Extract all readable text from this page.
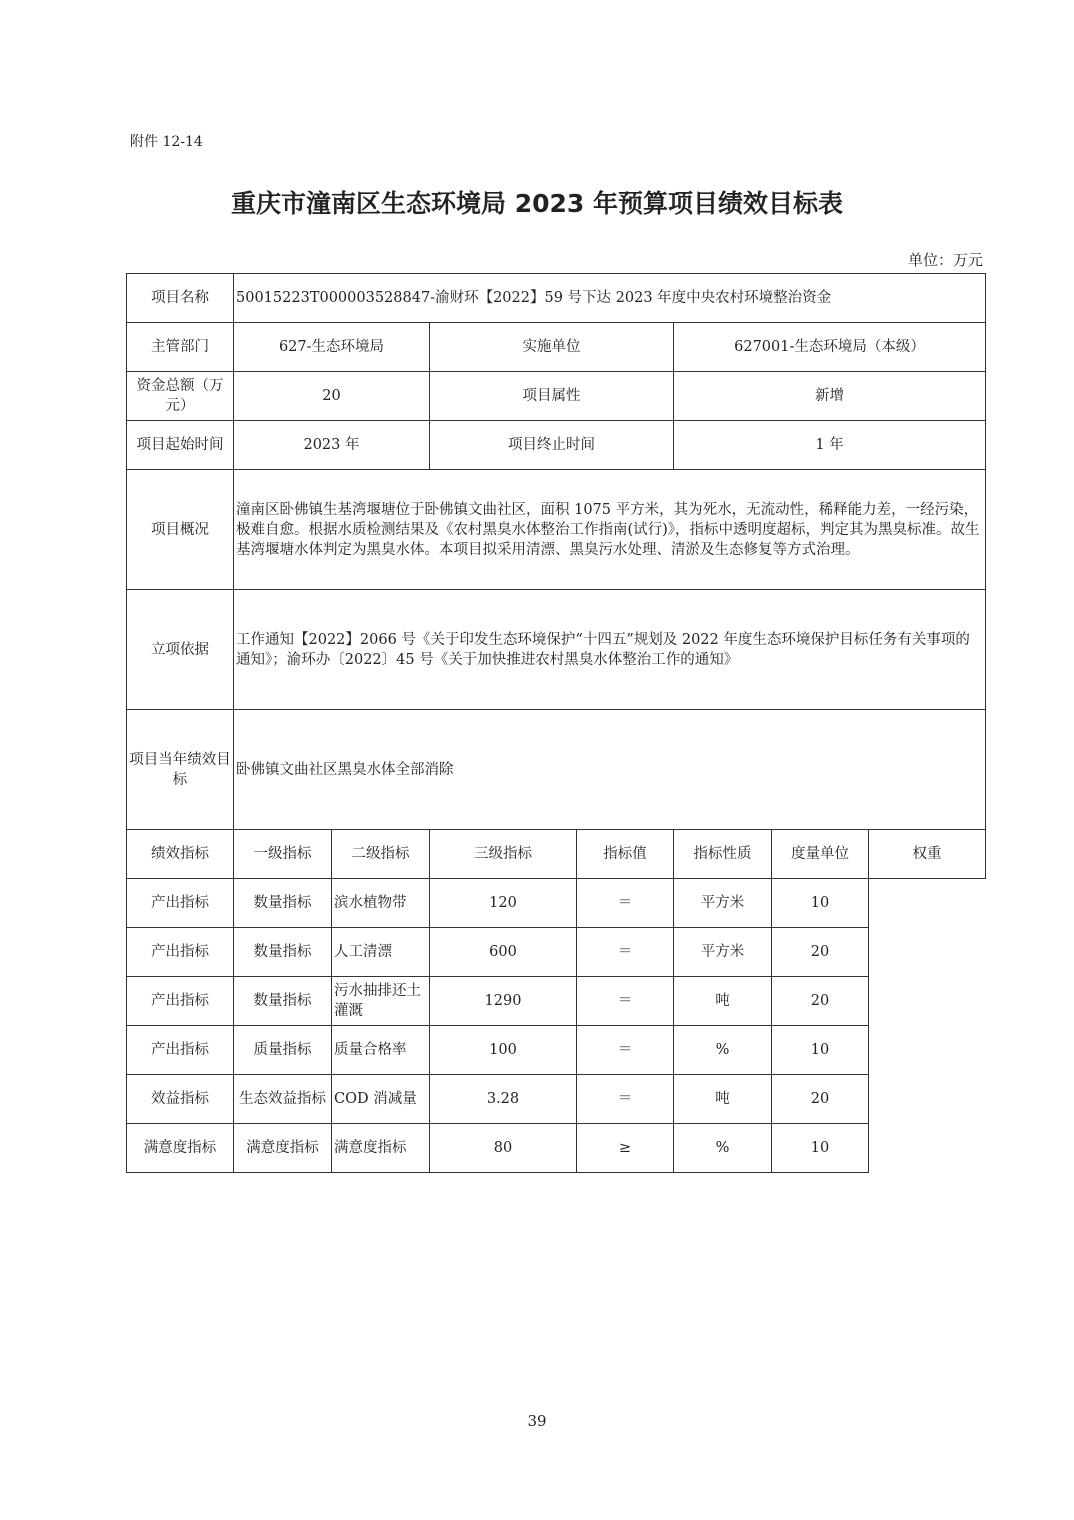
附件 12-14
重庆市潼南区生态环境局 2023 年预算项目绩效目标表
单位：万元
项目名称	50015223T000003528847-渝财环【2022】59 号下达 2023 年度中央农村环境整治资金						
主管部门	627-生态环境局		实施单位		627001-生态环境局（本级）		
资金总额（万元）	20		项目属性		新增		
项目起始时间	2023 年		项目终止时间		1 年		
项目概况	潼南区卧佛镇生基湾堰塘位于卧佛镇文曲社区，面积 1075 平方米，其为死水，无流动性，稀释能力差，一经污染，极难自愈。根据水质检测结果及《农村黑臭水体整治工作指南(试行)》，指标中透明度超标，判定其为黑臭标准。故生基湾堰塘水体判定为黑臭水体。本项目拟采用清漂、黑臭污水处理、清淤及生态修复等方式治理。						
立项依据	工作通知【2022】2066 号《关于印发生态环境保护“十四五”规划及 2022 年度生态环境保护目标任务有关事项的通知》；渝环办〔2022〕45 号《关于加快推进农村黑臭水体整治工作的通知》						
项目当年绩效目标	卧佛镇文曲社区黑臭水体全部消除						
绩效指标	一级指标	二级指标	三级指标	指标值	指标性质	度量单位	权重
产出指标	数量指标	滨水植物带	120	＝	平方米	10	
产出指标	数量指标	人工清漂	600	＝	平方米	20	
产出指标	数量指标	污水抽排还土灌溉	1290	＝	吨	20	
产出指标	质量指标	质量合格率	100	＝	%	10	
效益指标	生态效益指标	COD 消减量	3.28	＝	吨	20	
满意度指标	满意度指标	满意度指标	80	≥	%	10	
39
